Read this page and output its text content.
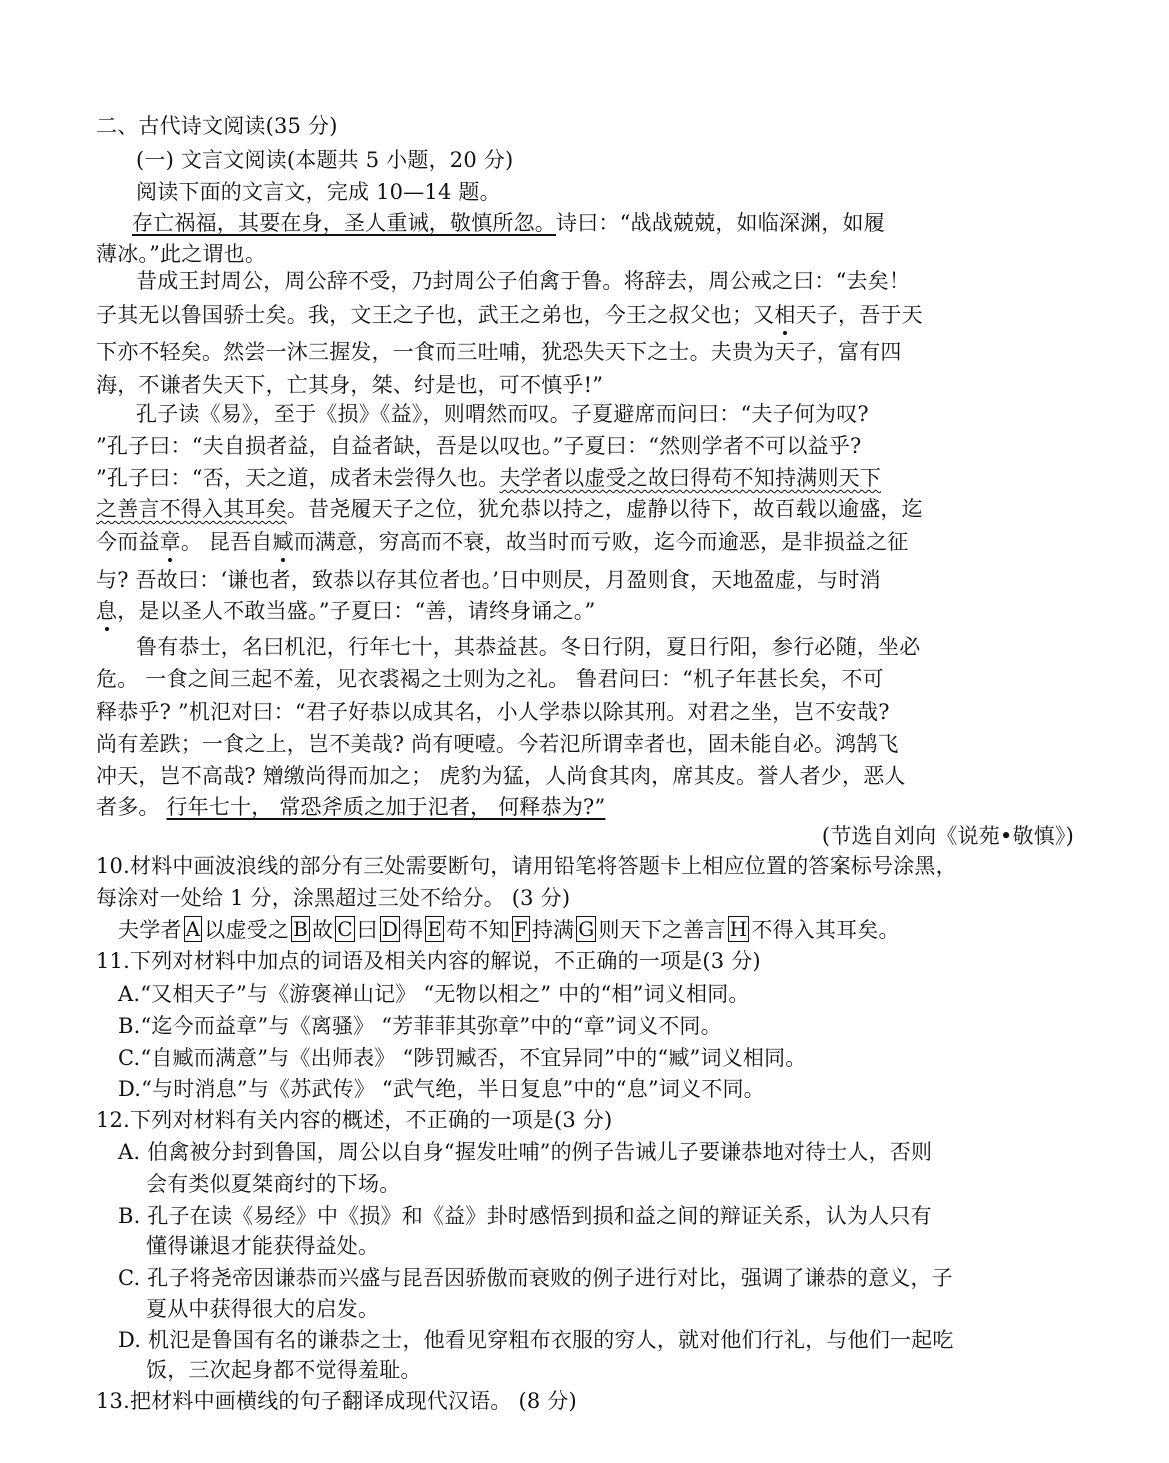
二、古代诗文阅读(35 分)
(一) 文言文阅读(本题共 5 小题，20 分)
阅读下面的文言文，完成 10—14 题。
存亡祸福，其要在身，圣人重诫，敬慎所忽。诗曰：“战战兢兢，如临深渊，如履
薄冰。”此之谓也。
昔成王封周公，周公辞不受，乃封周公子伯禽于鲁。将辞去，周公戒之曰：“去矣！
子其无以鲁国骄士矣。我，文王之子也，武王之弟也，今王之叔父也；又相天子，吾于天
下亦不轻矣。然尝一沐三握发，一食而三吐哺，犹恐失天下之士。夫贵为天子，富有四
海，不谦者失天下，亡其身，桀、纣是也，可不慎乎!”
孔子读《易》，至于《损》《益》，则喟然而叹。子夏避席而问曰：“夫子何为叹?
”孔子曰：“夫自损者益，自益者缺，吾是以叹也。”子夏曰：“然则学者不可以益乎?
”孔子曰：“否，天之道，成者未尝得久也。夫学者以虚受之故曰得苟不知持满则天下
之善言不得入其耳矣。昔尧履天子之位，犹允恭以持之，虚静以待下，故百载以逾盛，迄
今而益章。 昆吾自臧而满意，穷高而不衰，故当时而亏败，迄今而逾恶，是非损益之征
与? 吾故曰：‘谦也者，致恭以存其位者也。’日中则昃，月盈则食，天地盈虚，与时消
息，是以圣人不敢当盛。”子夏曰：“善，请终身诵之。”
鲁有恭士，名曰机氾，行年七十，其恭益甚。冬日行阴，夏日行阳，参行必随，坐必
危。 一食之间三起不羞，见衣裘褐之士则为之礼。 鲁君问曰：“机子年甚长矣，不可
释恭乎? ”机氾对曰：“君子好恭以成其名，小人学恭以除其刑。对君之坐，岂不安哉?
尚有差跌；一食之上，岂不美哉? 尚有哽噎。今若氾所谓幸者也，固未能自必。鸿鹄飞
冲天，岂不高哉? 矰缴尚得而加之； 虎豹为猛，人尚食其肉，席其皮。誉人者少，恶人
者多。 行年七十， 常恐斧质之加于氾者， 何释恭为?”
(节选自刘向《说苑•敬慎》)
10.材料中画波浪线的部分有三处需要断句，请用铅笔将答题卡上相应位置的答案标号涂黑，
每涂对一处给 1 分，涂黑超过三处不给分。 (3 分)
夫学者 A 以虚受之 B 故 C 曰 D 得 E 苟不知 F 持满 G 则天下之善言 H 不得入其耳矣。
11.下列对材料中加点的词语及相关内容的解说，不正确的一项是(3 分)
A.“又相天子”与《游褒禅山记》 “无物以相之” 中的“相”词义相同。
B.“迄今而益章”与《离骚》 “芳菲菲其弥章”中的“章”词义不同。
C.“自臧而满意”与《出师表》 “陟罚臧否，不宜异同”中的“臧”词义相同。
D.“与时消息”与《苏武传》 “武气绝，半日复息”中的“息”词义不同。
12.下列对材料有关内容的概述，不正确的一项是(3 分)
A. 伯禽被分封到鲁国，周公以自身“握发吐哺”的例子告诫儿子要谦恭地对待士人，否则
会有类似夏桀商纣的下场。
B. 孔子在读《易经》中《损》和《益》卦时感悟到损和益之间的辩证关系，认为人只有
懂得谦退才能获得益处。
C. 孔子将尧帝因谦恭而兴盛与昆吾因骄傲而衰败的例子进行对比，强调了谦恭的意义，子
夏从中获得很大的启发。
D. 机氾是鲁国有名的谦恭之士，他看见穿粗布衣服的穷人，就对他们行礼，与他们一起吃
饭，三次起身都不觉得羞耻。
13.把材料中画横线的句子翻译成现代汉语。 (8 分)
